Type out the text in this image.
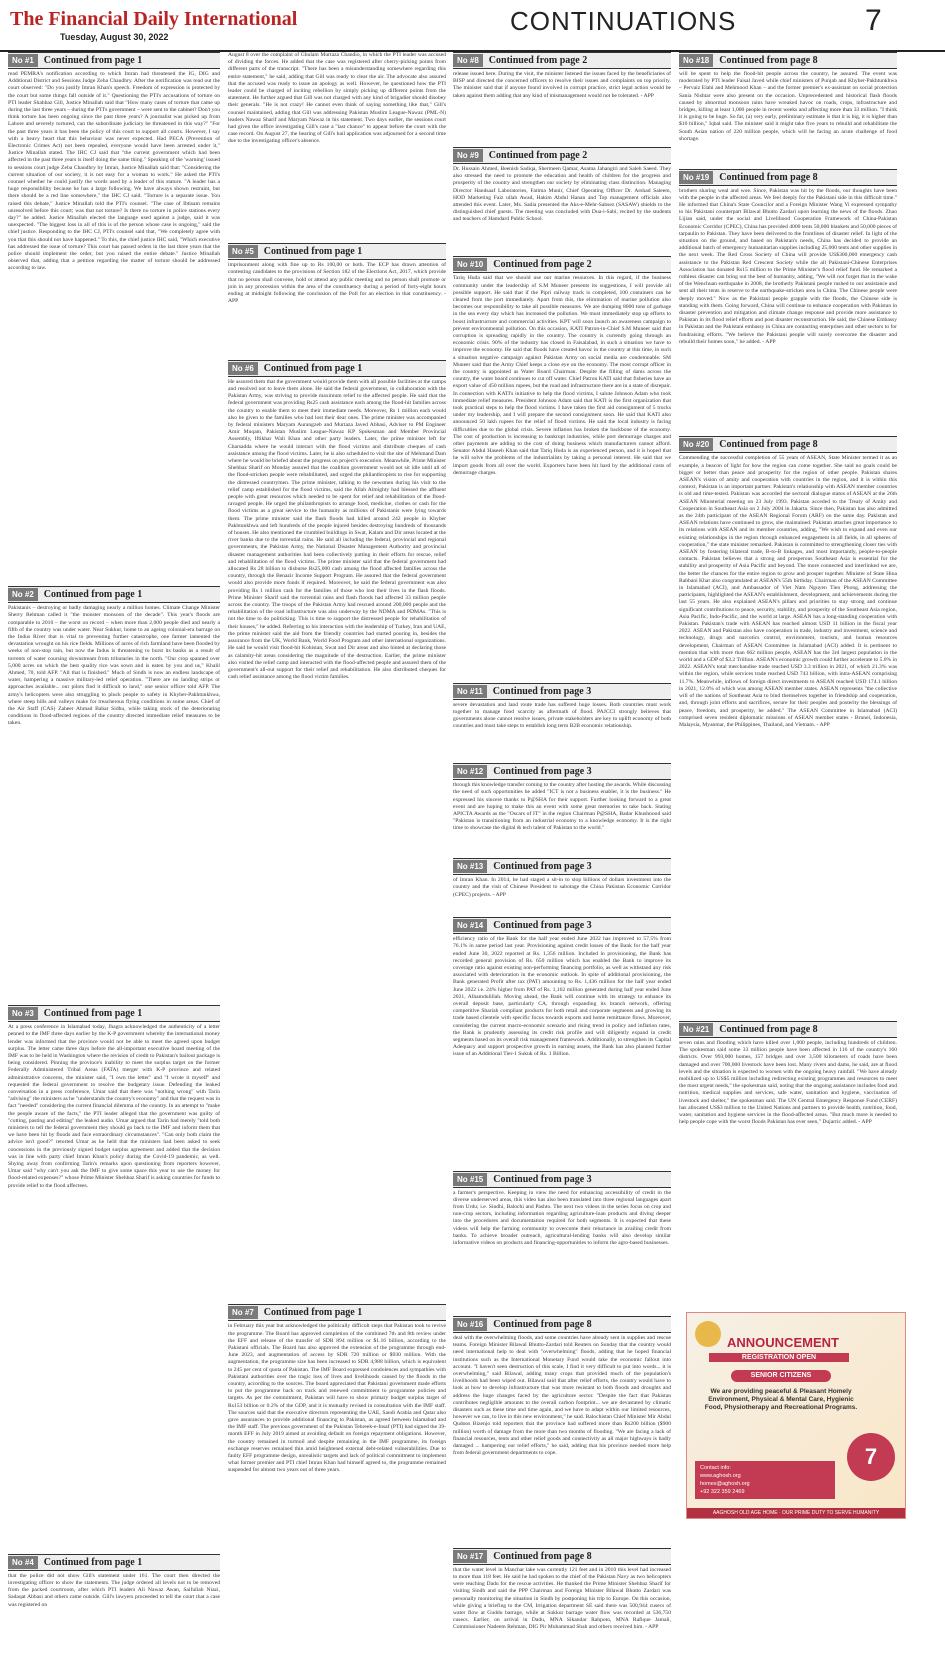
The Financial Daily International
Tuesday, August 30, 2022
CONTINUATIONS	7
No #1	Continued from page 1
read PEMRA's notification according to which Imran had threatened the IG, DIG and Additional District and Sessions Judge Zeba Chaudhry. After the notification was read out the court observed: "Do you justify Imran Khan's speech. Freedom of expression is protected by the court but some things fall outside of it." Questioning the PTI's accusations of torture on PTI leader Shahbaz Gill, Justice Minallah said that "How many cases of torture that came up during the last three years – during the PTI's government – were sent to the cabinet? Don't you think torture has been ongoing since the past three years? A journalist was picked up from Lahore and severely tortured, can the subordinate judiciary be threatened in this way?" "For the past three years it has been the policy of this court to support all courts. However, I say with a heavy heart that this behaviour was never expected. Had PECA (Prevention of Electronic Crimes Act) not been repealed, everyone would have been arrested under it," Justice Minallah stated. The IHC CJ said that "the current government which had been affected in the past three years is itself doing the same thing." Speaking of the 'warning' issued to sessions court judge Zeba Chaudhry by Imran, Justice Minallah said that: "Considering the current situation of our society, it is not easy for a woman to work." He asked the PTI's counsel whether he could justify the words used by a leader of this stature. "A leader has a huge responsibility because he has a large following. We have always shown restraint, but there should be a red line somewhere," the IHC CJ said. "Torture is a separate issue. You raised this debate," Justice Minallah told the PTI's counsel. "The case of Ibtisam remains unresolved before this court; was that not torture? Is there no torture in police stations every day?" he added. Justice Minallah elected the language used against a judge, said it was unexpected. "The biggest loss in all of this is of the person whose case is ongoing," said the chief justice. Responding to the IHC CJ, PTI's counsel said that, "We completely agree with you that this should not have happened." To this, the chief justice IHC said, "Which executive has addressed the issue of torture? This court has passed orders in the last three years that the police should implement the order, but you raised the entire debate." Justice Minallah observed that, adding that a petition regarding the matter of torture should be addressed according to law.
No #2	Continued from page 1
Pakistanis – destroying or badly damaging nearly a million homes. Climate Change Minister Sherry Rehman called it "the monster monsoon of the decade". This year's floods are comparable to 2010 – the worst on record – when more than 2,000 people died and nearly a fifth of the country was under water. Near Sukkur, home to an ageing colonial-era barrage on the Indus River that is vital to preventing further catastrophe, one farmer lamented the devastation wrought on his rice fields. Millions of acres of rich farmland have been flooded by weeks of non-stop rain, but now the Indus is threatening to burst its banks as a result of torrents of water coursing downstream from tributaries in the north. "Our crop spanned over 5,000 acres on which the best quality rice was sown and is eaten by you and us," Khalil Ahmed, 70, told AFP. "All that is finished." Much of Sindh is now an endless landscape of water, hampering a massive military-led relief operation. "There are no landing strips or approaches available... our pilots find it difficult to land," one senior officer told AFP. The army's helicopters were also struggling to pluck people to safety in Khyber-Pakhtunkhwa, where steep hills and valleys make for treacherous flying conditions in some areas. Chief of the Air Staff (CAS) Zaheer Ahmad Babar Sidhu, while taking stock of the deteriorating conditions in flood-affected regions of the country directed immediate relief measures to be taken.
No #3	Continued from page 1
At a press conference in Islamabad today, Jhagra acknowledged the authenticity of a letter penned to the IMF three days earlier by the K-P government whereby the international money lender was informed that the province would not be able to meet the agreed upon budget surplus. The letter came three days before the all-important executive board meeting of the IMF was to be held in Washington where the revision of credit to Pakistan's bailout package is being considered. Pinning the province's inability to meet the surplus target on the former Federally Administered Tribal Areas (FATA) merger with K-P province and related administrative concerns, the minister said, "I own the letter" and "I wrote it myself" and requested the federal government to resolve the budgetary issue. Defending the leaked conversation in a press conference, Umar said that there was "nothing wrong" with Tarin "advising" the ministers as he "understands the country's economy" and that the request was in fact "needed" considering the current financial dilemma of the country. In an attempt to "make the people aware of the facts," the PTI leader alleged that the government was guilty of "cutting, pasting and editing" the leaked audio. Umar argued that Tarin had merely "told both ministers to tell the federal government they should go back to the IMF and inform them that we have been hit by floods and face extraordinary circumstances". "Can only both claim the advice isn't good?" retorted Umar as he held that the ministers had been asked to seek concessions in the previously signed budget surplus agreement and added that the decision was in line with party chief Imran Khan's policy during the Covid-19 pandemic, as well. Shying away from confirming Tarin's remarks upon questioning from reporters however, Umar said "why can't you ask the IMF to give some space this year to use the money for flood-related expenses?" whose Prime Minister Shehbaz Sharif is asking countries for funds to provide relief to the flood affectees.
No #4	Continued from page 1
that the police did not show Gill's statement under 161. The court then directed the investigating officer to show the statements. The judge ordered all levels not to be removed from the packed courtroom, after which PTI leaders Ali Nawaz Awan, Saifullah Niazi, Sadaqat Abbasi and others came outside. Gill's lawyers proceeded to tell the court that a case was registered on
August 8 over the complaint of Ghulam Murtaza Chandio, in which the PTI leader was accused of dividing the forces. He added that the case was registered after cherry-picking points from different parts of the transcript. "There has been a misunderstanding somewhere regarding this entire statement," he said, adding that Gill was ready to clear the air. The advocate also assured that the accused was ready to issue an apology as well. However, he questioned how the PTI leader could be charged of inciting rebellion by simply picking up different points from the statement. He further argued that Gill was not charged with any kind of brigadier should disobey their generals. "He is not crazy! He cannot even think of saying something like that," Gill's counsel maintained, adding that Gill was addressing Pakistan Muslim League-Nawaz (PML-N) leaders Nawaz Sharif and Maryam Nawaz in his statement. Two days earlier, the sessions court had given the office investigating Gill's case a "last chance" to appear before the court with the case record. On August 27, the hearing of Gill's bail application was adjourned for a second time due to the investigating officer's absence.
No #5	Continued from page 1
imprisonment along with fine up to Rs 100,00 or both. The ECP has drawn attention of contesting candidates to the provisions of Section 182 of the Elections Act, 2017, which provide that no person shall convene, hold or attend any public meeting and no person shall promote or join in any procession within the area of the constituency during a period of forty-eight hours ending at midnight following the conclusion of the Poll for an election in that constituency. - APP
No #6	Continued from page 1
He assured them that the government would provide them with all possible facilities at the camps and resolved not to leave them alone. He said the federal government, in collaboration with the Pakistan Army, was striving to provide maximum relief to the affected people. He said that the federal government was providing Rs25 cash assistance each among the flood-hit families across the country to enable them to meet their immediate needs. Moreover, Rs 1 million each would also be given to the families who had lost their dear ones. The prime minister was accompanied by federal ministers Maryam Aurangzeb and Murtaza Javed Abbasi, Adviser to PM Engineer Amir Muqam, Pakistan Muslim League-Nawaz KP Spokesman and Member Provincial Assembly, Iftikhar Wali Khan and other party leaders. Later, the prime minister left for Charsadda where he would interact with the flood victims and distribute cheques of cash assistance among the flood victims. Later, he is also scheduled to visit the site of Mehmand Dam where he would be briefed about the progress on project's execution. Meanwhile, Prime Minister Shehbaz Sharif on Monday assured that the coalition government would not sit idle until all of the flood-stricken people were rehabilitated, and urged the philanthropists to rise for supporting the distressed countrymen. The prime minister, talking to the newsmen during his visit to the relief camp established for the flood victims, said the Allah Almighty had blessed the affluent people with great resources which needed to be spent for relief and rehabilitation of the flood-ravaged people. He urged the philanthropists to arrange food, medicine, clothes or cash for the flood victims as a great service to the humanity as millions of Pakistanis were lying towards them. The prime minister said the flash floods had killed around 242 people in Khyber Pakhtunkhwa and left hundreds of the people injured besides destroying hundreds of thousands of houses. He also mentioned the crumbled buildings in Swat, Kalam and Dir areas located at the river banks due to the torrential rains. He said all including the federal, provincial and regional governments, the Pakistan Army, the National Disaster Management Authority and provincial disaster management authorities had been collectively putting in their efforts for rescue, relief and rehabilitation of the flood victims. The prime minister said that the federal government had allocated Rs 28 billion to disburse Rs25,000 cash among the flood affected families across the country, through the Benazir Income Support Program. He assured that the federal government would also provide more funds if required. Moreover, he said the federal government was also providing Rs 1 million cash for the families of those who lost their lives in the flash floods. Prime Minister Sharif said the torrential rains and flash floods had affected 33 million people across the country. The troops of the Pakistan Army had rescued around 200,000 people and the rehabilitation of the road infrastructure was also underway by the NDMA and PDMAs. "This is not the time to do politicking. This is time to support the distressed people for rehabilitation of their houses," he added. Referring to his interaction with the leadership of Turkey, Iran and UAE, the prime minister said the aid from the friendly countries had started pouring in, besides the assurance from the UK, World Bank, World Food Program and other international organizations. He said he would visit flood-hit Kohistan, Swat and Dir areas and also hinted at declaring those as calamity-hit areas considering the magnitude of the destruction. Earlier, the prime minister also visited the relief camp and interacted with the flood-affected people and assured them of the government's all-out support for their relief and rehabilitation. He also distributed cheques for cash relief assistance among the flood victim families.
No #7	Continued from page 1
in February this year but acknowledged the politically difficult steps that Pakistan took to revive the programme. The Board has approved completion of the combined 7th and 8th review under the EFF and release of the transfer of SDR 894 million or $1.16 billion, according to the Pakistani officials. The Board has also approved the extension of the programme through end-June 2023, and augmentation of access by SDR 720 million or $930 million. With the augmentation, the programme size has been increased to SDR 4,988 billion, which is equivalent to 245 per cent of quota of Pakistan. The IMF Board expressed condolences and sympathies with Pakistani authorities over the tragic loss of lives and livelihoods caused by the floods in the country, according to the sources. The board appreciated that Pakistani government made efforts to put the programme back on track and renewed commitment to programme policies and targets. As per the commitment, Pakistan will have to show primary budget surplus target of Rs153 billion or 0.2% of the GDP, and it is mutually revised in consultation with the IMF staff. The sources said that the executive directors representing the UAE, Saudi Arabia and Qatar also gave assurances to provide additional financing to Pakistan, as agreed between Islamabad and the IMF staff. The previous government of the Pakistan Tehreek-e-Insaf (PTI) had signed the 39-month EFF in July 2019 aimed at avoiding default on foreign repayment obligations. However, the country remained in turmoil and despite remaining in the IMF programme, its foreign exchange reserves remained thin amid heightened external debt-related vulnerabilities. Due to faulty EFF programme design, unrealistic targets and lack of political commitment to implement what former premier and PTI chief Imran Khan had himself agreed to, the programme remained suspended for almost two years out of three years.
No #8	Continued from page 2
release issued here. During the visit, the minister listened the issues faced by the beneficiaries of BISP and directed the concerned officers to resolve their issues and complaints on top priority. The minister said that if anyone found involved in corrupt practice, strict legal action would be taken against them adding that any kind of mismanagement would not be tolerated. - APP
No #9	Continued from page 2
Dr. Hussain Ahmed, Beenish Sadiqa, Shermeen Qamar, Asama Jahangiri and Saleh Saeed. They also stressed the need to promote the education and health of children for the progress and prosperity of the country and strengthen our society by eliminating class distinction. Managing Director Handsaaf Laboratories, Fatima Munir, Chief Operating Officer Dr. Arshad Saleem, HOD Marketing Faiz ullah Awad, Hakim Abdul Hanan and Top management officials also attended this event. Later, Ms. Sadia presented the Aks-e-Mehr-Sabsez (SASAW) shields to the distinguished chief guests. The meeting was concluded with Dua-i-Sabi, recited by the students and teachers of Hamdard Public School.
No #10	Continued from page 2
Tariq Huda said that we should use our marine resources. In this regard, if the business community under the leadership of S.M Muneer presents its suggestions, I will provide all possible support. He said that if the Pipri railway track is completed, 100 containers can be cleared from the port immediately. Apart from this, the elimination of marine pollution also becomes our responsibility to take all possible measures. We are dumping 8000 tons of garbage in the sea every day which has increased the pollution. We must immediately stop up efforts to boost infrastructure and commercial activities. KPT will soon launch an awareness campaign to prevent environmental pollution. On this occasion, KATI Patron-in-Chief S.M Muneer said that corruption is spreading rapidly in the country. The country is currently going through an economic crisis. 90% of the industry has closed in Faisalabad, in such a situation we have to improve the economy. He said that floods have created havoc in the country at this time, in such a situation negative campaign against Pakistan Army on social media are condemnable. SM Muneer said that the Army Chief keeps a close eye on the economy. The most corrupt officer in the country is appointed as Water Board Chairman. Despite the filling of dams across the country, the water board continues to cut off water. Chief Patron KATI said that fisheries have an export value of 450 million rupees, but the road and infrastructure there are in a state of disrepair. In connection with KATI's initiative to help the flood victims, I salute Johnson Adam who took immediate relief measures. President Johnson Adam said that KATI is the first organization that took practical steps to help the flood victims. I have taken the first aid consignment of 5 trucks under my leadership, and I will prepare the second consignment soon. He said that KATI also announced 50 lakh rupees for the relief of flood victims. He said the local industry is facing difficulties due to the global crisis. Severe inflation has broken the backbone of the economy. The cost of production is increasing to bankrupt industries, while port demurrage charges and other payments are adding to the cost of doing business which manufacturers cannot afford. Senator Abdul Haseeb Khan said that Tariq Huda is an experienced person, and it is hoped that he will solve the problems of the industrialists by taking a personal interest. He said that we import goods from all over the world. Exporters have been hit hard by the additional costs of demurrage charges.
No #11	Continued from page 3
severe devastation and land route trade has suffered huge losses. Both countries must work together to manage food scarcity as aftermath of flood. PAJCCI strongly believes that governments alone cannot resolve issues, private stakeholders are key to uplift economy of both countries and must take steps to establish long term B2B economic relationship.
No #12	Continued from page 3
through this knowledge transfer coming to the country after hosting the awards. While discussing the need of such opportunities he added "ICT is not a business enabler, it is the business." He expressed his sincere thanks to P@SHA for their support. Further looking forward to a great event and are hoping to make this an event with some great memories to take back. Stating APICTA Awards as the "Oscars of IT" in the region Chairman P@SHA, Badar Khushnood said "Pakistan is transitioning from an industrial economy to a knowledge economy. It is the right time to showcase the digital & tech talent of Pakistan to the world."
No #13	Continued from page 3
of Imran Khan. In 2014, he had staged a sit-in to stop billions of dollars investment into the country and the visit of Chinese President to sabotage the China Pakistan Economic Corridor (CPEC) projects. - APP
No #14	Continued from page 3
efficiency ratio of the Bank for the half year ended June 2022 has improved to 57.5% from 76.1% in same period last year. Provisioning against credit losses of the Bank for the half year ended June 30, 2022 reported at Rs. 1,356 million. Included in provisioning, the Bank has recorded general provision of Rs. 650 million which has enabled the Bank to improve its coverage ratio against existing non-performing financing portfolio, as well as withstand any risk associated with deterioration in the economic outlook. In spite of additional provisioning, the Bank generated Profit after tax (PAT) amounting to Rs. 1,436 million for the half year ended June 2022 i.e. 24% higher from PAT of Rs. 1,162 million generated during half year ended June 2021, Alhamdulillah. Moving ahead, the Bank will continue with its strategy to enhance its overall deposit base, particularly CA, through expanding its branch network, offering competitive Shariah compliant products for both retail and corporate segments and growing its trade based clientele with specific focus towards exports and home remittance flows. Moreover, considering the current macro-economic scenario and rising trend in policy and inflation rates, the Bank is prudently assessing its credit risk profile and will diligently expand in credit segments based on its overall risk management framework. Additionally, to strengthen its Capital Adequacy and support prospective growth in earning assets, the Bank has also planned further issue of an Additional Tier-1 Sukuk of Rs. 1 Billion.
No #15	Continued from page 3
a farmer's perspective. Keeping in view the need for enhancing accessibility of credit in the diverse underserved areas, this video has also been translated into three regional languages apart from Urdu; i.e. Sindhi, Balochi and Pashto. The next two videos in the series focus on crop and non-crop sectors, including information regarding agriculture-loan products and diving deeper into the procedures and documentation required for both segments. It is expected that these videos will help the farming community to overcome their reluctance in availing credit from banks. To achieve broader outreach, agricultural-lending banks will also develop similar informative videos on products and financing-opportunities to inform the agro-based businesses.
No #16	Continued from page 8
deal with the overwhelming floods, and some countries have already sent in supplies and rescue teams. Foreign Minister Bilawal Bhutto-Zardari told Reuters on Sunday that the country would need international help to deal with "overwhelming" floods, adding that he hoped financial institutions such as the International Monetary Fund would take the economic fallout into account. "I haven't seen destruction of this scale, I find it very difficult to put into words... it is overwhelming," said Bilawal, adding many crops that provided much of the population's livelihoods had been wiped out. Bilawal said that after relief efforts, the country would have to look at how to develop infrastructure that was more resistant to both floods and droughts and address the huge changes faced by the agriculture sector. "Despite the fact that Pakistan contributes negligible amounts to the overall carbon footprint... we are devastated by climatic disasters such as these time and time again, and we have to adapt within our limited resources, however we can, to live in this new environment," he said. Balochistan Chief Minister Mir Abdul Qudoos Bizenjo told reporters that the province had suffered more than Rs200 billion ($900 million) worth of damage from the more than two months of flooding. "We are facing a lack of financial resources, tents and other relief goods and connectivity as all major highways is badly damaged ... hampering our relief efforts," he said, adding that his province needed more help from federal government departments to cope.
No #17	Continued from page 8
that the water level in Manchar lake was currently 121 feet and in 2010 this level had increased to more than 118 feet. He said he had spoken to the chief of the Pakistan Navy as two helicopters were reaching Dadu for the rescue activities. He thanked the Prime Minister Shehbaz Sharif for visiting Sindh and said the PPP Chairman and Foreign Minister Bilawal Bhutto Zardari was personally monitoring the situation in Sindh by postponing his trip to Europe. On this occasion, while giving a briefing to the CM, Irrigation department SE said there was 500,944 cusecs of water flow at Guddu barrage, while at Sukkur barrage water flow was recorded at 536,750 cusecs. Earlier, on arrival in Dadu, MNA Sikandar Rahpoto, MNA Rafique Jamali, Commissioner Nadeem Rehman, DIG Pir Muhammad Shah and others received him. - APP
No #18	Continued from page 8
will be spent to help the flood-hit people across the country, he assured. The event was moderated by PTI leader Faisal Javed while chief ministers of Punjab and Khyber-Pakhtunkhwa – Pervaiz Elahi and Mehmood Khan – and the former premier's ex-assistant on social protection Sania Nishtar were also present on the occasion. Unprecedented and historical flash floods caused by abnormal monsoon rains have wreaked havoc on roads, crops, infrastructure and bridges, killing at least 1,000 people in recent weeks and affecting more than 33 million. "I think it is going to be huge. So far, (a) very early, preliminary estimate is that it is big, it is higher than $10 billion," Iqbal said. The minister said it might take five years to rebuild and rehabilitate the South Asian nation of 220 million people, which will be facing an acute challenge of food shortage.
No #19	Continued from page 8
brothers sharing weal and woe. Since, Pakistan was hit by the floods, our thoughts have been with the people in the affected areas. We feel deeply for the Pakistani side in this difficult time." He informed that China's State Councilor and a Foreign Minister Wang Yi expressed sympathy to his Pakistani counterpart Bilawal Bhutto Zardari upon learning the news of the floods. Zhao Lijian said, under the social and Livelihood Cooperation Framework of China-Pakistan Economic Corridor (CPEC), China has provided 4000 tents 50,000 blankets and 50,000 pieces of tarpaulin to Pakistan. They have been delivered to the frontlines of disaster relief. In light of the situation on the ground, and based on Pakistan's needs, China has decided to provide an additional batch of emergency humanitarian supplies including 25,000 tents and other supplies in the next week. The Red Cross Society of China will provide US$300,000 emergency cash assistance to the Pakistan Red Crescent Society while the all Pakistani-Chinese Enterprises Association has donated Rs15 million to the Prime Minister's flood relief fund. He remarked a ruthless disaster can bring out the best of humanity, adding, "We will not forget that in the wake of the Wenchuan earthquake in 2008, the brotherly Pakistani people rushed to our assistance and sent all their tents in reserve to the earthquake-stricken area in China. The Chinese people were deeply moved." Now as the Pakistani people grapple with the floods, the Chinese side is standing with them. Going forward, China will continue to enhance cooperation with Pakistan in disaster prevention and mitigation and climate change response and provide more assistance to Pakistan in its flood relief efforts and post disaster reconstruction. He said, the Chinese Embassy in Pakistan and the Pakistani embassy in China are contacting enterprises and other sectors to for fundraising efforts. "We believe the Pakistani people will surely overcome the disaster and rebuild their homes soon," he added. - APP
No #20	Continued from page 8
Commending the successful completion of 55 years of ASEAN, State Minister termed it as an example, a beacon of light for how the region can come together. She said no goals could be bigger or better than peace and prosperity for the region of other people. Pakistan shares ASEAN's vision of amity and cooperation with countries in the region, and it is within this context, Pakistan is an important partner. Pakistan's relationship with ASEAN member countries is old and time-tested. Pakistan was accorded the sectoral dialogue status of ASEAN at the 26th ASEAN Ministerial meeting on 23 July 1993. Pakistan acceded to the Treaty of Amity and Cooperation in Southeast Asia on 2 July 2004 in Jakarta. Since then, Pakistan has also admitted as the 24th participant of the ASEAN Regional Forum (ARF) on the same day. Pakistan and ASEAN relations have continued to grow, she maintained. Pakistan attaches great importance to its relations with ASEAN and its member countries, adding, "We wish to expand and even our existing relationships in the region through enhanced engagement in all fields, in all spheres of cooperation," the state minister remarked. Pakistan is committed to strengthening closer ties with ASEAN by fostering bilateral trade, B-to-B linkages, and most importantly, people-to-people contacts. Pakistan believes that a strong and prosperous Southeast Asia is essential for the stability and prosperity of Asia Pacific and beyond. The more connected and interlinked we are, the better the chances for the entire region to grow and prosper together. Minister of State Hina Rabbani Khar also congratulated at ASEAN's 55th birthday. Chairman of the ASEAN Committee in Islamabad (ACI), and Ambassador of Viet Nam Nguyen Tien Phong, addressing the participants, highlighted the ASEAN's establishment, development, and achievements during the last 55 years. He also explained ASEAN's pillars and priorities to stay strong and continue significant contributions to peace, security, stability, and prosperity of the Southeast Asia region, Asia Pacific, Indo-Pacific, and the world at large. ASEAN has a long-standing cooperation with Pakistan. Pakistan's trade with ASEAN has reached almost USD 11 billion in the fiscal year 2022. ASEAN and Pakistan also have cooperation in trade, industry and investment, science and technology, drugs and narcotics control, environment, tourism, and human resources development, Chairman of ASEAN Committee in Islamabad (ACI) added. It is pertinent to mention that with more than 662 million people, ASEAN has the 3rd largest population in the world and a GDP of $3.2 Trillion. ASEAN's economic growth could further accelerate to 5.0% in 2022. ASEAN's total merchandise trade reached USD 3.3 trillion in 2021, of which 21.3% was within the region, while services trade reached USD 743 billion, with intra-ASEAN comprising 11.7%. Meanwhile, inflows of foreign direct investments to ASEAN reached USD 174.1 billion in 2021, 12.0% of which was among ASEAN member states. ASEAN represents "the collective will of the nations of Southeast Asia to bind themselves together in friendship and cooperation, and, through joint efforts and sacrifices, secure for their peoples and posterity the blessings of peace, freedom, and prosperity, he added." The ASEAN Committee in Islamabad (ACI) comprised seven resident diplomatic missions of ASEAN member states - Brunei, Indonesia, Malaysia, Myanmar, the Philippines, Thailand, and Vietnam. - APP
No #21	Continued from page 8
seven rains and flooding which have killed over 1,000 people, including hundreds of children. The spokesman said some 33 million people have been affected in 116 of the country's 160 districts. Over 993,000 homes, 157 bridges and over 3,500 kilometers of roads have been damaged and over 700,000 livestock have been lost. Many rivers and dams, he said, are at flood levels and the situation is expected to worsen with the ongoing heavy rainfall. "We have already mobilized up to US$5 million including redirecting existing programmes and resources to meet the most urgent needs," the spokesman said, noting that the ongoing assistance includes food and nutrition, medical supplies and services, safe water, sanitation and hygiene, vaccination of livestock and shelter," the spokesman said. The UN Central Emergency Response Fund (CERF) has allocated US$3 million to the United Nations and partners to provide health, nutrition, food, water, sanitation and hygiene services in the flood-affected areas. "But much more is needed to help people cope with the worst floods Pakistan has ever seen," Dujarric added. - APP
ANNOUNCEMENT
REGISTRATION OPEN
SENIOR CITIZENS
We are providing peaceful & Pleasant Homely Environment, Physical & Mental Care, Hygienic Food, Physiotherapy and Recreational Programs.
Contact info:
www.aghosh.org
homes@aghosh.org
+92 322 359 2469
7
AAGHOSH OLD AGE HOME · OUR PRIME DUTY TO SERVE HUMANITY
